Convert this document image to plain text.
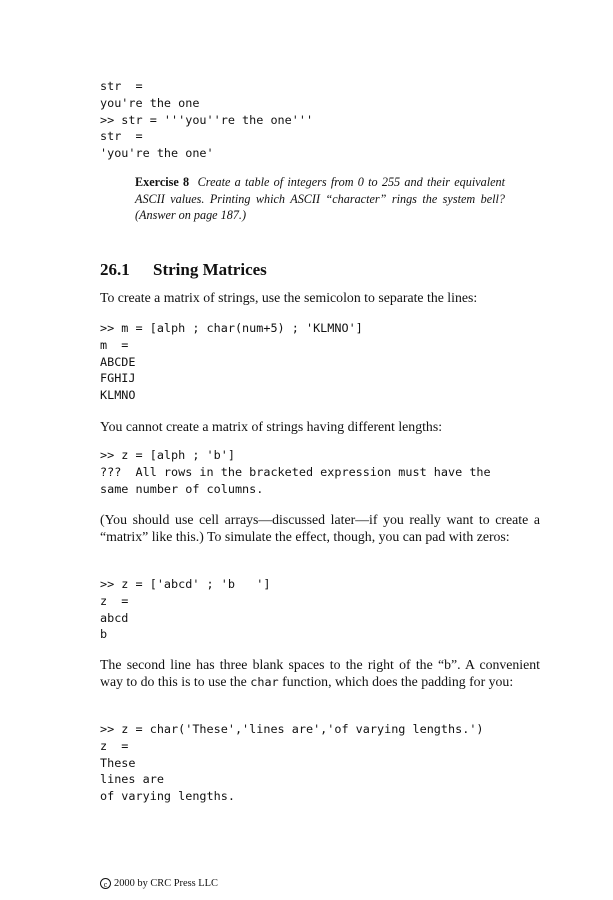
str  =
you're the one
>> str = '''you''re the one'''
str  =
'you're the one'

Exercise 8 Create a table of integers from 0 to 255 and their equivalent ASCII values. Printing which ASCII “character” rings the system bell? (Answer on page 187.)

26.1 String Matrices

To create a matrix of strings, use the semicolon to separate the lines:

>> m = [alph ; char(num+5) ; 'KLMNO']
m  =
ABCDE
FGHIJ
KLMNO

You cannot create a matrix of strings having different lengths:

>> z = [alph ; 'b']
???  All rows in the bracketed expression must have the
same number of columns.

(You should use cell arrays—discussed later—if you really want to create a “matrix” like this.) To simulate the effect, though, you can pad with zeros:

>> z = ['abcd' ; 'b   ']
z  =
abcd
b

The second line has three blank spaces to the right of the “b”. A convenient way to do this is to use the char function, which does the padding for you:

>> z = char('These','lines are','of varying lengths.')
z  =
These
lines are
of varying lengths.

c 2000 by CRC Press LLC
